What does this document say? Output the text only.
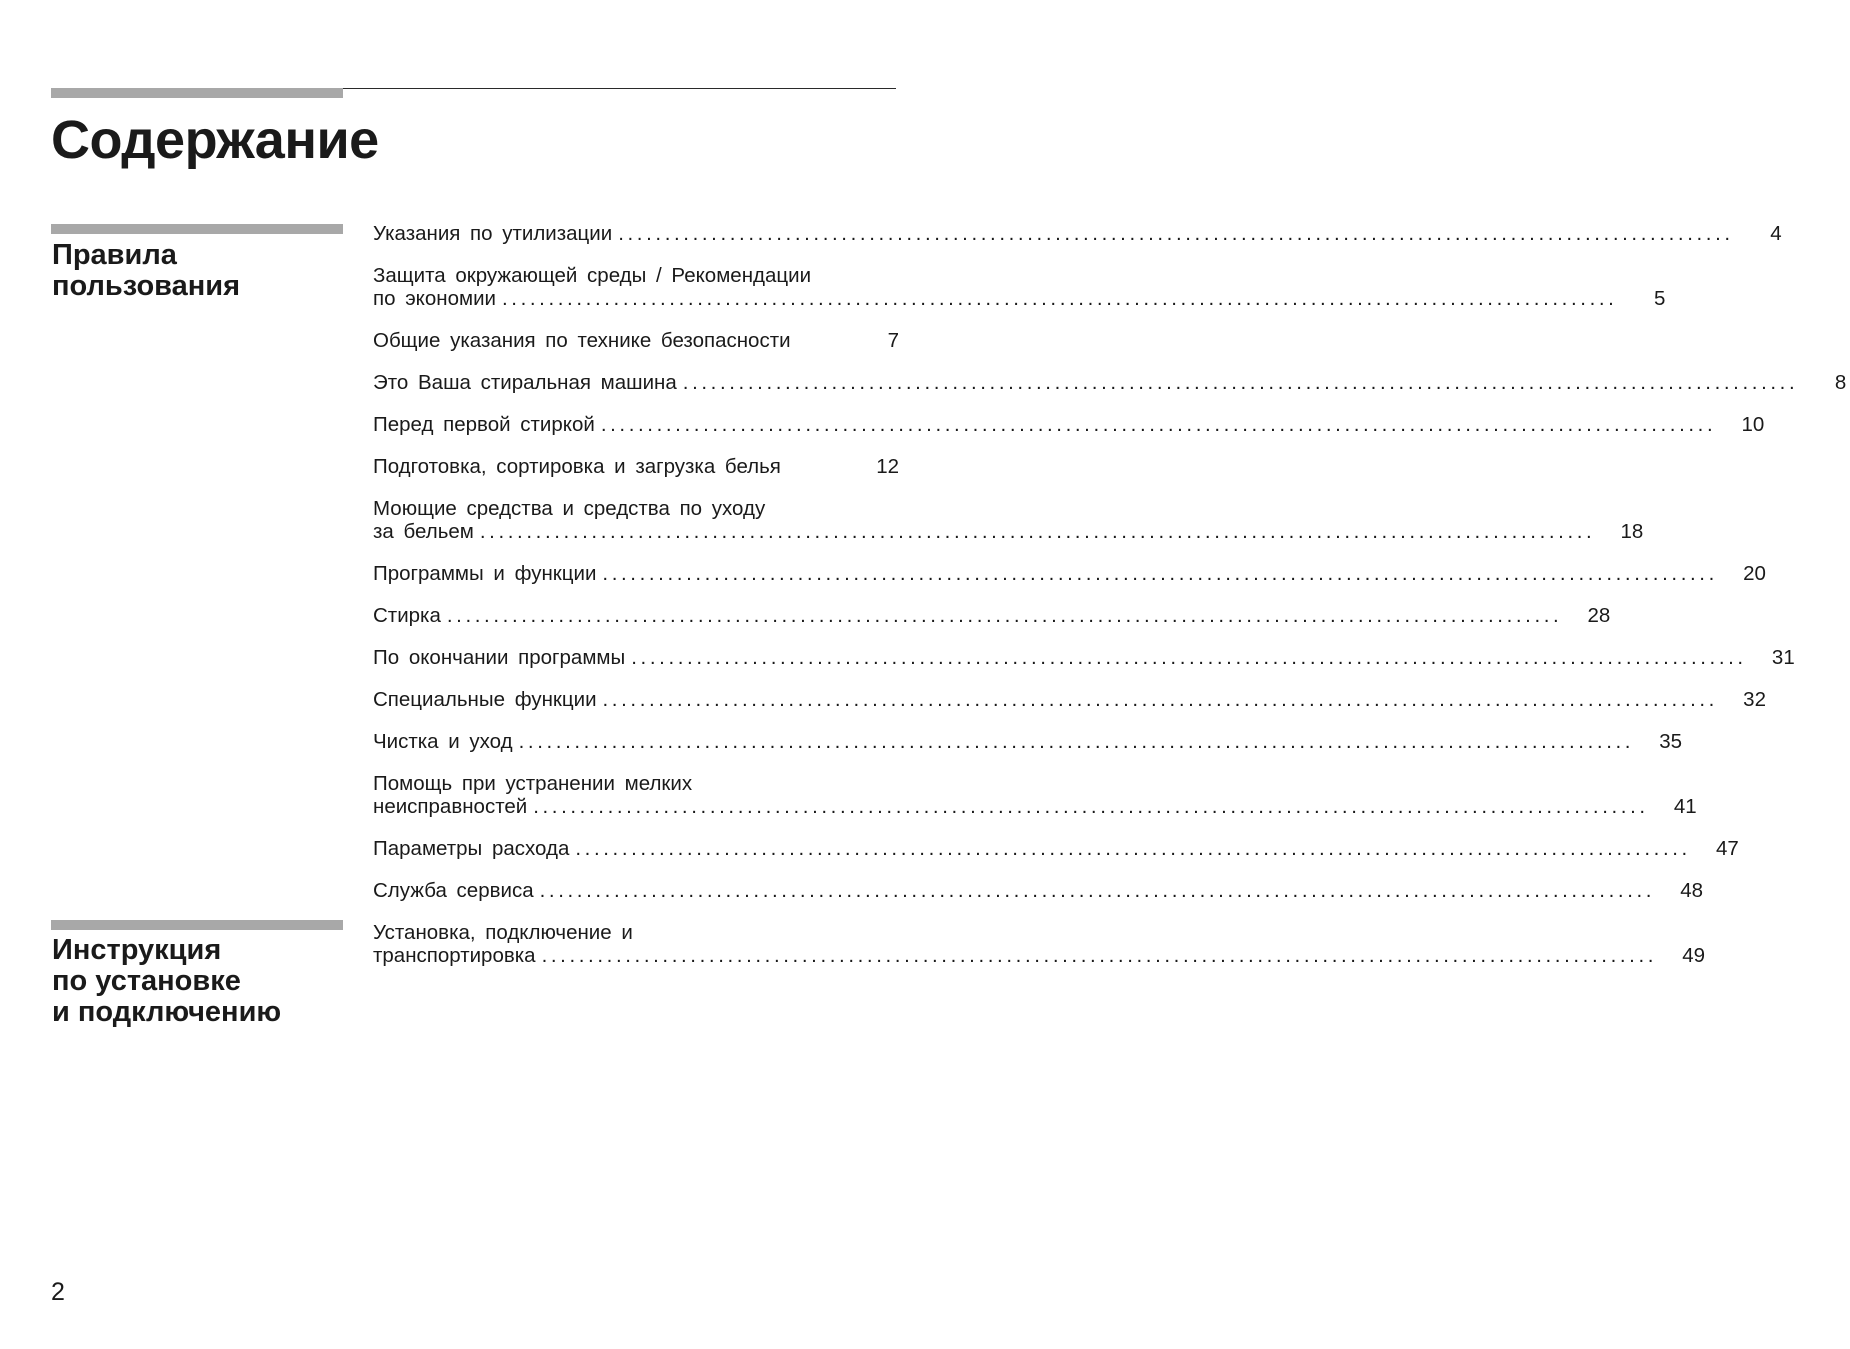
Содержание
Правила
пользования
Инструкция
по установке
и подключению
Указания по утилизации ........................................................................................................................	4
Защита окружающей среды / Рекомендации
по экономии ........................................................................................................................	5
Общие указания по технике безопасности	7
Это Ваша стиральная машина ........................................................................................................................	8
Перед первой стиркой ........................................................................................................................	10
Подготовка, сортировка и загрузка белья	12
Моющие средства и средства по уходу
за бельем ........................................................................................................................	18
Программы и функции ........................................................................................................................	20
Стирка ........................................................................................................................	28
По окончании программы ........................................................................................................................	31
Специальные функции ........................................................................................................................	32
Чистка и уход ........................................................................................................................	35
Помощь при устранении мелких
неисправностей ........................................................................................................................	41
Параметры расхода ........................................................................................................................	47
Служба сервиса ........................................................................................................................	48
Установка, подключение и
транспортировка ........................................................................................................................	49

2
